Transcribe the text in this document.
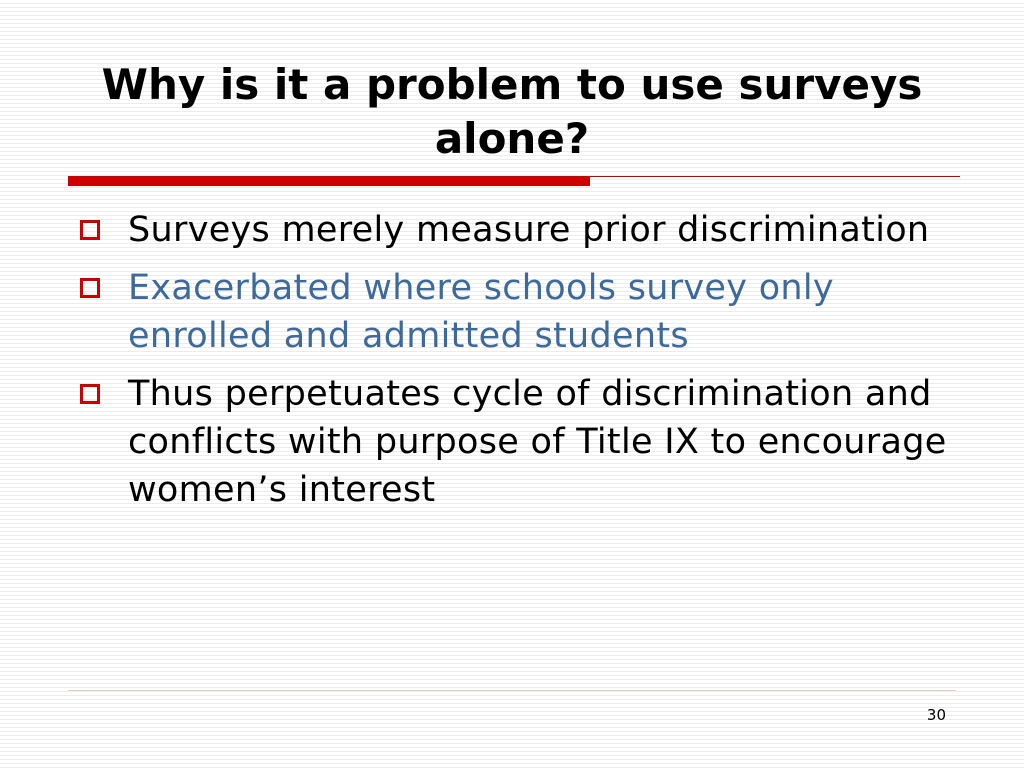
Why is it a problem to use surveys alone?
Surveys merely measure prior discrimination
Exacerbated where schools survey only enrolled and admitted students
Thus perpetuates cycle of discrimination and conflicts with purpose of Title IX to encourage women’s interest
30
